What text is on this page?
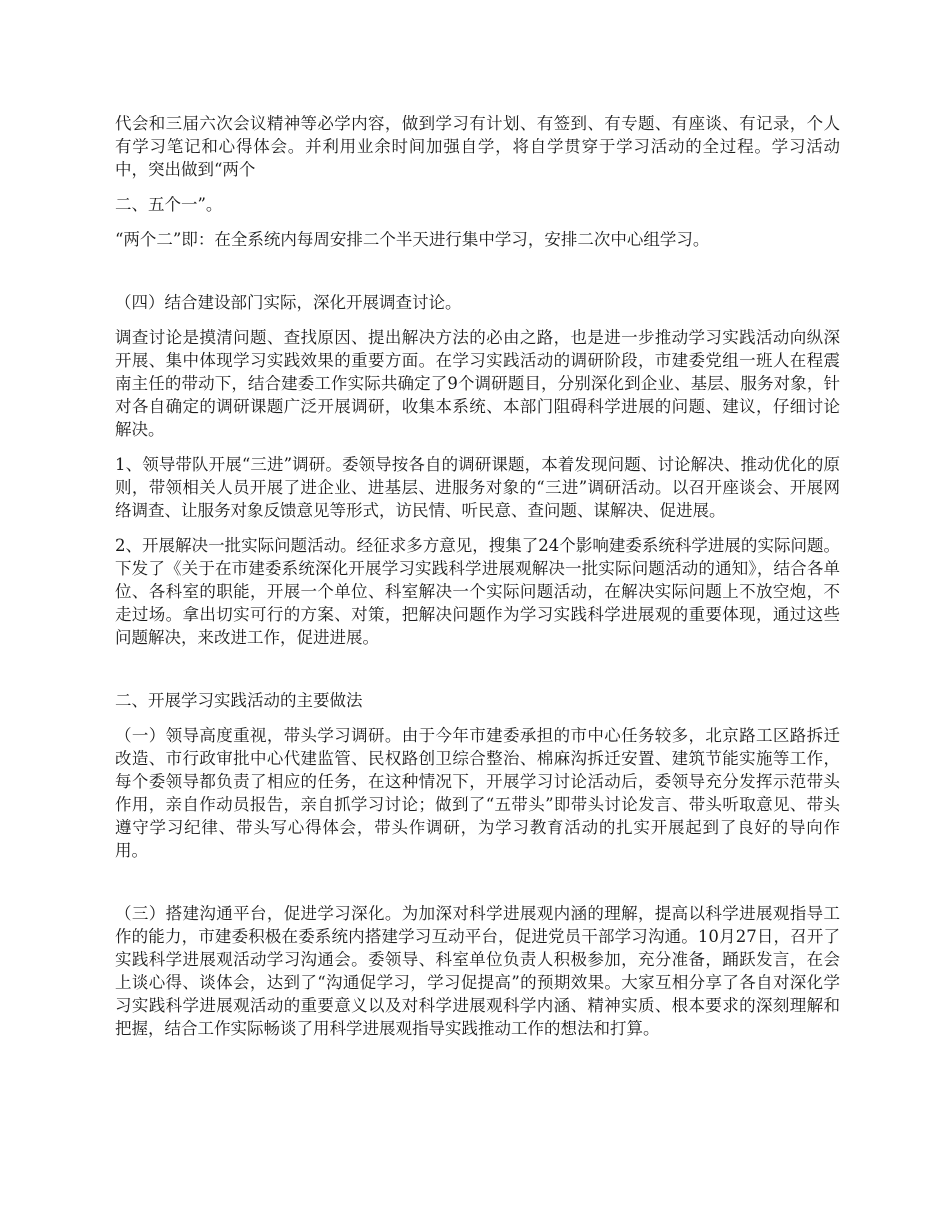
代会和三届六次会议精神等必学内容，做到学习有计划、有签到、有专题、有座谈、有记录，个人有学习笔记和心得体会。并利用业余时间加强自学，将自学贯穿于学习活动的全过程。学习活动中，突出做到“两个

二、五个一”。

“两个二”即：在全系统内每周安排二个半天进行集中学习，安排二次中心组学习。

（四）结合建设部门实际，深化开展调查讨论。

调查讨论是摸清问题、查找原因、提出解决方法的必由之路，也是进一步推动学习实践活动向纵深开展、集中体现学习实践效果的重要方面。在学习实践活动的调研阶段，市建委党组一班人在程震南主任的带动下，结合建委工作实际共确定了9个调研题目，分别深化到企业、基层、服务对象，针对各自确定的调研课题广泛开展调研，收集本系统、本部门阻碍科学进展的问题、建议，仔细讨论解决。

1、领导带队开展“三进”调研。委领导按各自的调研课题，本着发现问题、讨论解决、推动优化的原则，带领相关人员开展了进企业、进基层、进服务对象的“三进”调研活动。以召开座谈会、开展网络调查、让服务对象反馈意见等形式，访民情、听民意、查问题、谋解决、促进展。

2、开展解决一批实际问题活动。经征求多方意见，搜集了24个影响建委系统科学进展的实际问题。下发了《关于在市建委系统深化开展学习实践科学进展观解决一批实际问题活动的通知》，结合各单位、各科室的职能，开展一个单位、科室解决一个实际问题活动，在解决实际问题上不放空炮，不走过场。拿出切实可行的方案、对策，把解决问题作为学习实践科学进展观的重要体现，通过这些问题解决，来改进工作，促进进展。

二、开展学习实践活动的主要做法

（一）领导高度重视，带头学习调研。由于今年市建委承担的市中心任务较多，北京路工区路拆迁改造、市行政审批中心代建监管、民权路创卫综合整治、棉麻沟拆迁安置、建筑节能实施等工作，每个委领导都负责了相应的任务，在这种情况下，开展学习讨论活动后，委领导充分发挥示范带头作用，亲自作动员报告，亲自抓学习讨论；做到了“五带头”即带头讨论发言、带头听取意见、带头遵守学习纪律、带头写心得体会，带头作调研，为学习教育活动的扎实开展起到了良好的导向作用。

（三）搭建沟通平台，促进学习深化。为加深对科学进展观内涵的理解，提高以科学进展观指导工作的能力，市建委积极在委系统内搭建学习互动平台，促进党员干部学习沟通。10月27日，召开了实践科学进展观活动学习沟通会。委领导、科室单位负责人积极参加，充分准备，踊跃发言，在会上谈心得、谈体会，达到了“沟通促学习，学习促提高”的预期效果。大家互相分享了各自对深化学习实践科学进展观活动的重要意义以及对科学进展观科学内涵、精神实质、根本要求的深刻理解和把握，结合工作实际畅谈了用科学进展观指导实践推动工作的想法和打算。
